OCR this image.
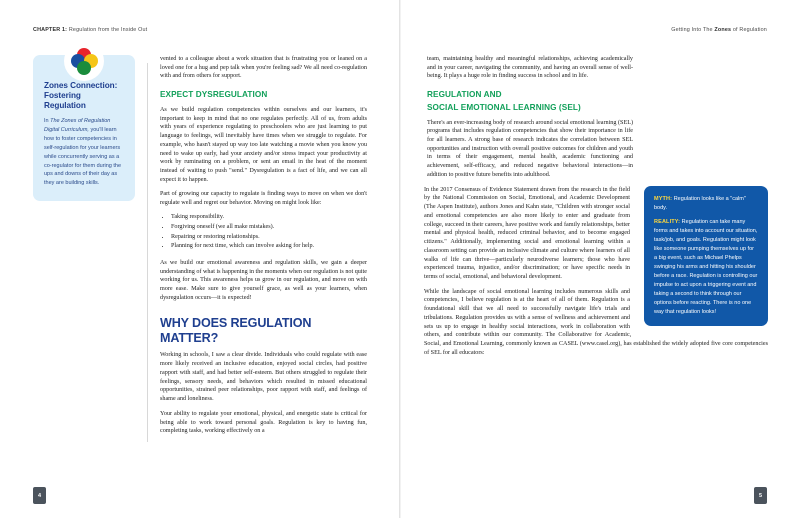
CHAPTER 1: Regulation from the Inside Out
Zones Connection: Fostering Regulation

In The Zones of Regulation Digital Curriculum, you'll learn how to foster competencies in self-regulation for your learners while concurrently serving as a co-regulator for them during the ups and downs of their day as they are building skills.

vented to a colleague about a work situation that is frustrating you or leaned on a loved one for a hug and pep talk when you're feeling sad? We all need co-regulation with and from others for support.

EXPECT DYSREGULATION

As we build regulation competencies within ourselves and our learners, it's important to keep in mind that no one regulates perfectly. All of us, from adults with years of experience regulating to preschoolers who are just learning to put language to feelings, will inevitably have times when we struggle to regulate. For example, who hasn't stayed up way too late watching a movie when you know you need to wake up early, had your anxiety and/or stress impact your productivity at work by ruminating on a problem, or sent an email in the heat of the moment instead of waiting to push "send." Dysregulation is a fact of life, and we can all expect it to happen.

Part of growing our capacity to regulate is finding ways to move on when we don't regulate well and regret our behavior. Moving on might look like:

• Taking responsibility.
• Forgiving oneself (we all make mistakes).
• Repairing or restoring relationships.
• Planning for next time, which can involve asking for help.

As we build our emotional awareness and regulation skills, we gain a deeper understanding of what is happening in the moments when our regulation is not quite working for us. This awareness helps us grow in our regulation, and move on with more ease. Make sure to give yourself grace, as well as your learners, when dysregulation occurs—it is expected!

WHY DOES REGULATION MATTER?

Working in schools, I saw a clear divide. Individuals who could regulate with ease more likely received an inclusive education, enjoyed social circles, had positive rapport with staff, and had better self-esteem. But others struggled to regulate their feelings, sensory needs, and behaviors which resulted in missed educational opportunities, strained peer relationships, poor rapport with staff, and feelings of shame and loneliness.

Your ability to regulate your emotional, physical, and energetic state is critical for being able to work toward personal goals. Regulation is key to having fun, completing tasks, working effectively on a

4
Getting Into The Zones of Regulation

team, maintaining healthy and meaningful relationships, achieving academically and in your career, navigating the community, and having an overall sense of well-being. It plays a huge role in finding success in school and in life.

REGULATION AND
SOCIAL EMOTIONAL LEARNING (SEL)

There's an ever-increasing body of research around social emotional learning (SEL) programs that includes regulation competencies that show their importance in life for all learners. A strong base of research indicates the correlation between SEL opportunities and instruction with overall positive outcomes for children and youth in terms of their engagement, mental health, academic functioning and achievement, self-efficacy, and reduced negative behavioral interactions—in addition to positive future benefits into adulthood.

MYTH: Regulation looks like a "calm" body.

REALITY: Regulation can take many forms and takes into account our situation, task/job, and goals. Regulation might look like someone pumping themselves up for a big event, such as Michael Phelps swinging his arms and hitting his shoulder before a race. Regulation is controlling our impulse to act upon a triggering event and taking a second to think through our options before reacting. There is no one way that regulation looks!

In the 2017 Consensus of Evidence Statement drawn from the research in the field by the National Commission on Social, Emotional, and Academic Development (The Aspen Institute), authors Jones and Kahn state, "Children with stronger social and emotional competencies are also more likely to enter and graduate from college, succeed in their careers, have positive work and family relationships, better mental and physical health, reduced criminal behavior, and to become engaged citizens." Additionally, implementing social and emotional learning within a classroom setting can provide an inclusive climate and culture where learners of all walks of life can thrive—particularly neurodiverse learners; those who have experienced trauma, injustice, and/or discrimination; or have specific needs in terms of social, emotional, and behavioral development.

While the landscape of social emotional learning includes numerous skills and competencies, I believe regulation is at the heart of all of them. Regulation is a foundational skill that we all need to successfully navigate life's trials and tribulations. Regulation provides us with a sense of wellness and achievement and sets us up to engage in healthy social interactions, work in collaboration with others, and contribute within our community. The Collaborative for Academic, Social, and Emotional Learning, commonly known as CASEL (www.casel.org), has established the widely adopted five core competencies of SEL for all educators:

5
